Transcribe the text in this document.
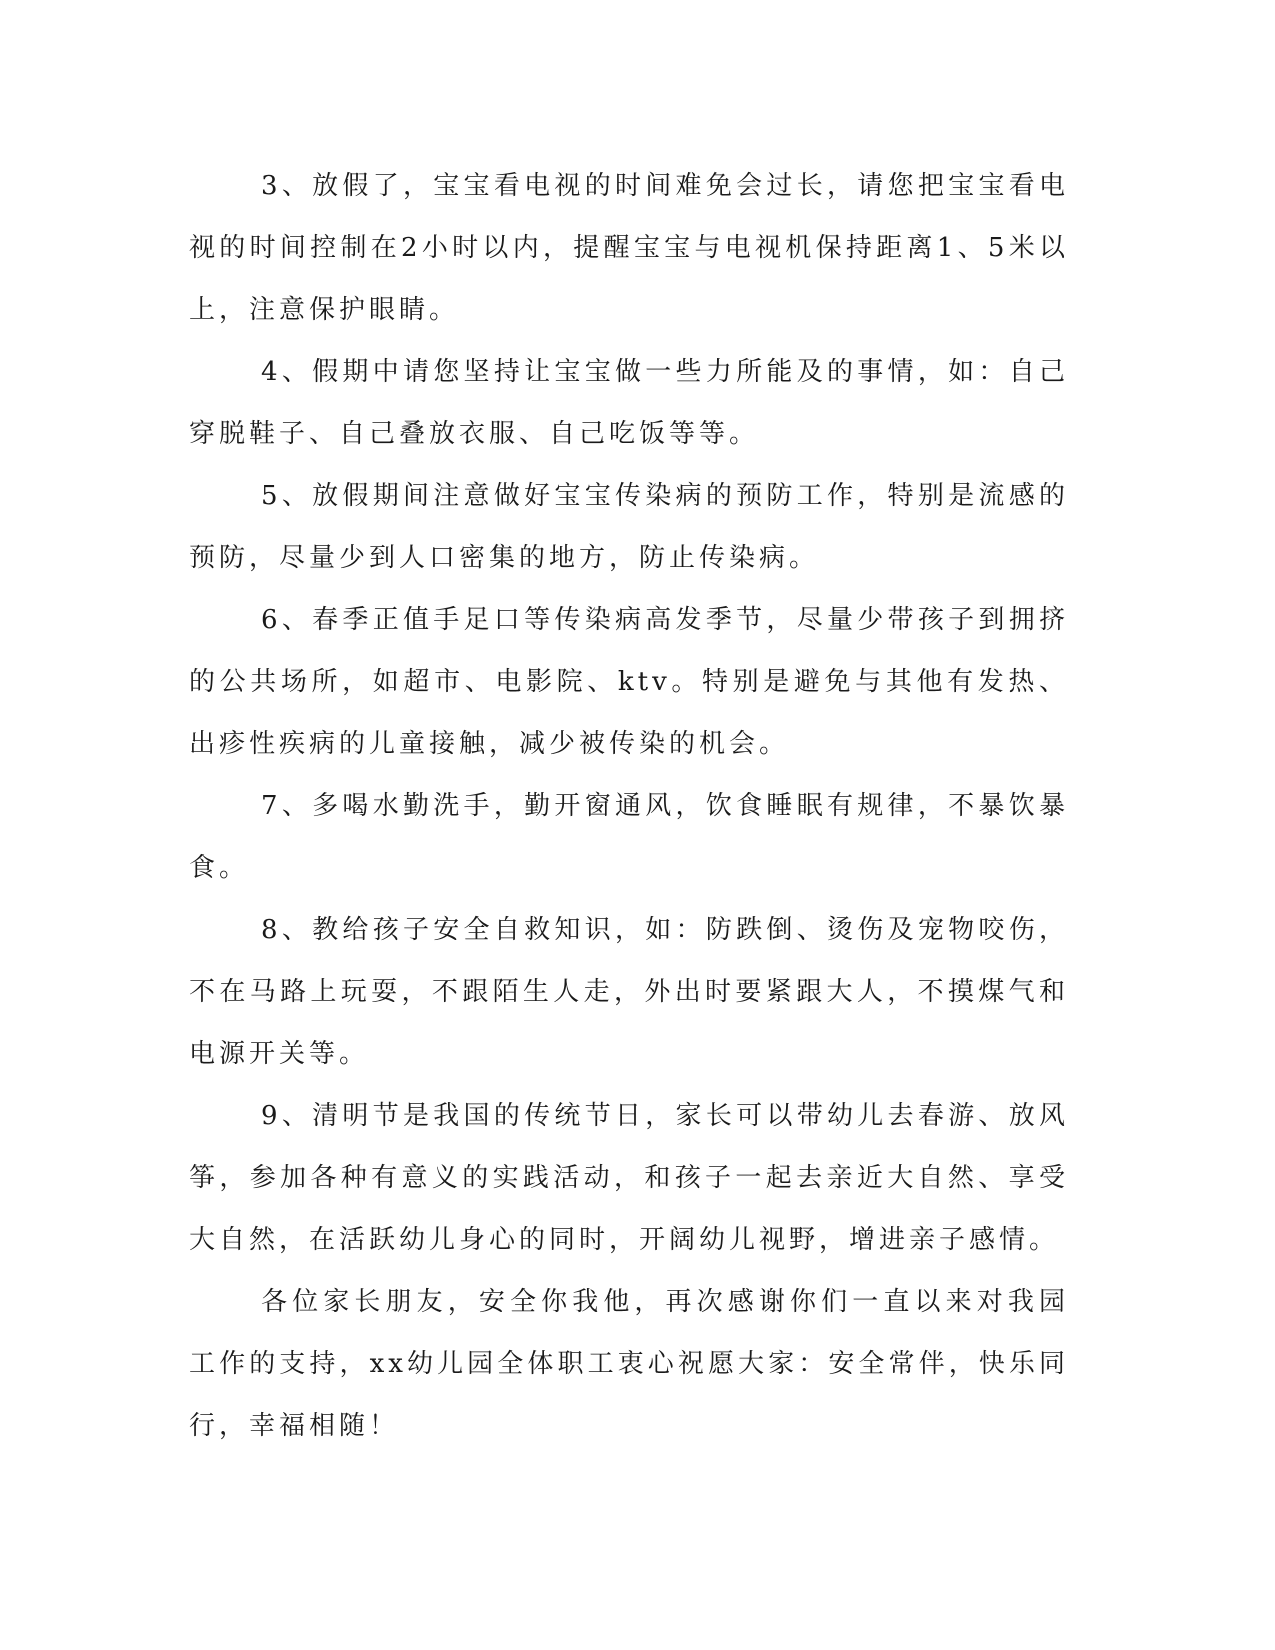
3、放假了，宝宝看电视的时间难免会过长，请您把宝宝看电视的时间控制在2小时以内，提醒宝宝与电视机保持距离1、5米以上，注意保护眼睛。

4、假期中请您坚持让宝宝做一些力所能及的事情，如：自己穿脱鞋子、自己叠放衣服、自己吃饭等等。

5、放假期间注意做好宝宝传染病的预防工作，特别是流感的预防，尽量少到人口密集的地方，防止传染病。

6、春季正值手足口等传染病高发季节，尽量少带孩子到拥挤的公共场所，如超市、电影院、ktv。特别是避免与其他有发热、出疹性疾病的儿童接触，减少被传染的机会。

7、多喝水勤洗手，勤开窗通风，饮食睡眠有规律，不暴饮暴食。

8、教给孩子安全自救知识，如：防跌倒、烫伤及宠物咬伤，不在马路上玩耍，不跟陌生人走，外出时要紧跟大人，不摸煤气和电源开关等。

9、清明节是我国的传统节日，家长可以带幼儿去春游、放风筝，参加各种有意义的实践活动，和孩子一起去亲近大自然、享受大自然，在活跃幼儿身心的同时，开阔幼儿视野，增进亲子感情。

各位家长朋友，安全你我他，再次感谢你们一直以来对我园工作的支持，xx幼儿园全体职工衷心祝愿大家：安全常伴，快乐同行，幸福相随！
